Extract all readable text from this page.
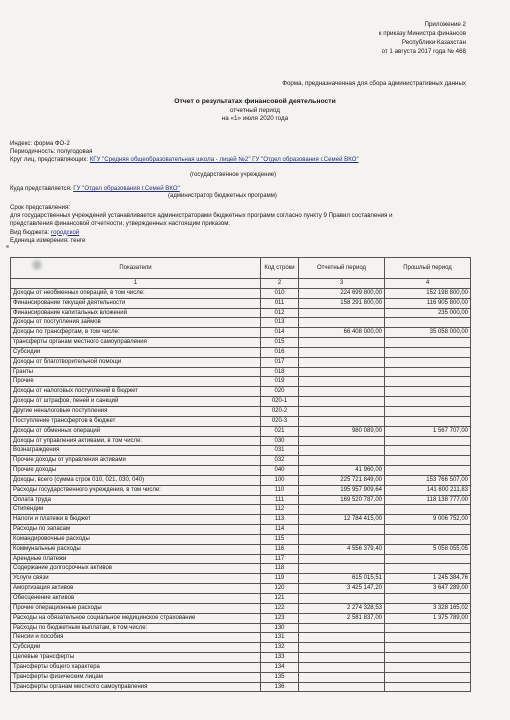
Приложение 2
к приказу Министра финансов
Республики Казахстан
от 1 августа 2017 года № 468
Форма, предназначенная для сбора административных данных
Отчет о результатах финансовой деятельности
отчетный период
на «1» июля 2020 года
Индекс: форма ФО-2
Периодичность: полугодовая
Круг лиц, представляющих: КГУ "Средняя общеобразовательная школа - лицей №2" ГУ "Отдел образования г.Семей ВКО"
(государственное учреждение)
Куда представляется: ГУ "Отдел образования г.Семей ВКО"
(администратор бюджетных программ)
Срок представления:
для государственных учреждений устанавливается администраторами бюджетных программ согласно пункту 9 Правил составления и
представления финансовой отчетности, утвержденных настоящим приказом.
Вид бюджета: городской
Единица измерения: тенге
Показатели	Код строки	Отчетный период	Прошлый период
1	2	3	4
Доходы от необменных операций, в том числе:	010	224 699 800,00	152 198 800,00
Финансирование текущей деятельности	011	158 291 800,00	116 905 800,00
Финансирование капитальных вложений	012		235 000,00
Доходы от поступления займов	013		
Доходы по трансфертам, в том числе:	014	66 408 000,00	35 058 000,00
трансферты органам местного самоуправления	015		
Субсидии	016		
Доходы от благотворительной помощи	017		
Гранты	018		
Прочие	019		
Доходы от налоговых поступлений в бюджет	020		
Доходы от штрафов, пеней и санкций	020-1		
Другие неналоговые поступления	020-2		
Поступление трансфертов в бюджет	020-3		
Доходы от обменных операций	021	980 089,00	1 567 707,00
Доходы от управления активами, в том числе:	030		
Вознаграждения	031		
Прочие доходы от управления активами	032		
Прочие доходы	040	41 960,00	
Доходы, всего (сумма строк 010, 021, 030, 040)	100	225 721 849,00	153 766 507,00
Расходы государственного учреждения, в том числе:	110	195 957 909,64	141 800 211,83
Оплата труда	111	169 520 787,00	118 138 777,00
Стипендии	112		
Налоги и платежи в бюджет	113	12 784 415,00	9 006 752,00
Расходы по запасам	114		
Командировочные расходы	115		
Коммунальные расходы	116	4 556 379,40	5 058 055,05
Арендные платежи	117		
Содержание долгосрочных активов	118		
Услуги связи	119	615 015,51	1 245 384,76
Амортизация активов	120	3 425 147,20	3 647 289,00
Обесценение активов	121		
Прочие операционные расходы	122	2 274 328,53	3 328 165,02
Расходы на обязательное социальное медицинское страхование	123	2 581 837,00	1 375 789,00
Расходы по бюджетным выплатам, в том числе:	130		
Пенсии и пособия	131		
Субсидии	132		
Целевые трансферты	133		
Трансферты общего характера	134		
Трансферты физическим лицам	135		
Трансферты органам местного самоуправления	136		
